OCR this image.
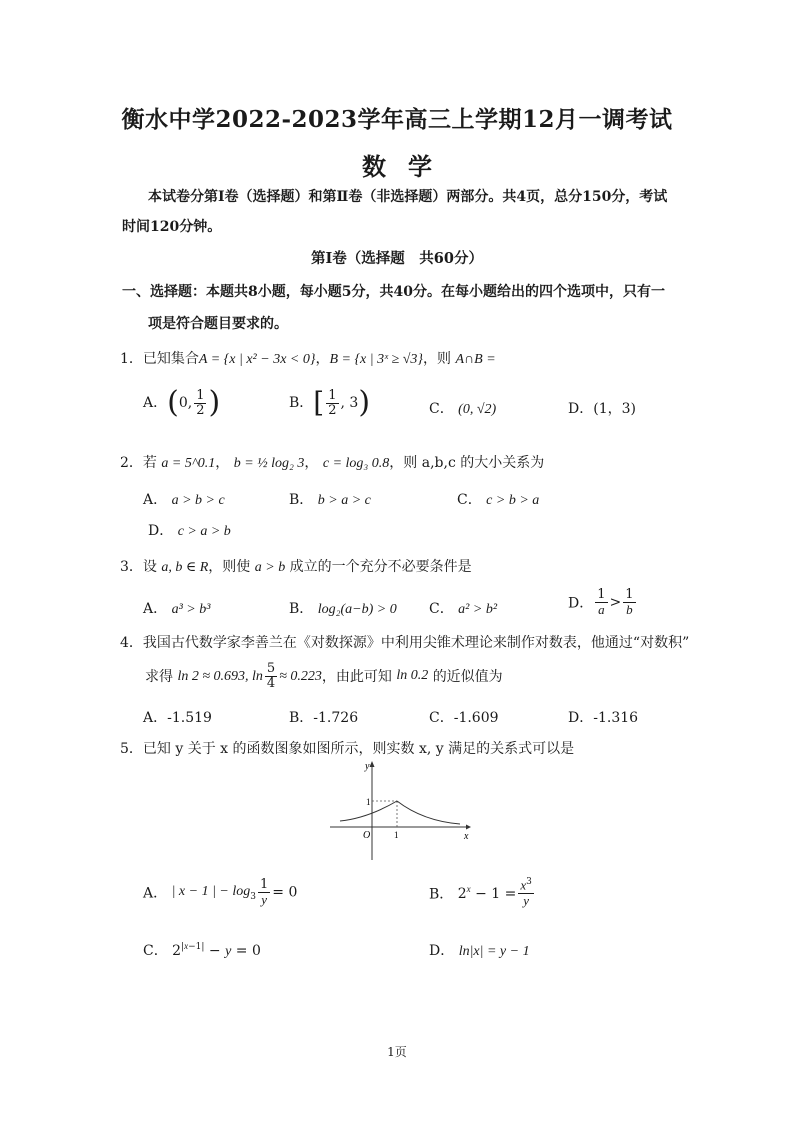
衡水中学2022-2023学年高三上学期12月一调考试
数学
本试卷分第Ⅰ卷（选择题）和第Ⅱ卷（非选择题）两部分。共4页，总分150分，考试
时间120分钟。
第Ⅰ卷（选择题　共60分）
一、选择题：本题共8小题，每小题5分，共40分。在每小题给出的四个选项中，只有一
项是符合题目要求的。
1．已知集合A = {x | x² − 3x < 0}，B = {x | 3ˣ ≥ √3}，则 A∩B =
A．(0, $\frac{1}{2}$ )	B．[ $\frac{1}{2}$ , 3)	C． (0, √2)	D．(1，3)
2．若 a = 5^0.1， b = ½ log₂ 3， c = log₃ 0.8，则 a,b,c 的大小关系为
A． a > b > c	B． b > a > c	C． c > b > a
D． c > a > b
3．设 a, b ∈ R，则使 a > b 成立的一个充分不必要条件是
A． a³ > b³	B． log₂(a−b) > 0 C． a² > b²	D． $\frac{1}{a} > \frac{1}{b}$
4．我国古代数学家李善兰在《对数探源》中利用尖锥术理论来制作对数表，他通过“对数积”
求得 ln 2 ≈ 0.693, $\ln \frac{5}{4} \approx 0.223$，由此可知 ln 0.2 的近似值为
A．-1.519	B．-1.726	C．-1.609	D．-1.316
5．已知 y 关于 x 的函数图象如图所示，则实数 x, y 满足的关系式可以是
y
x
O
1
1
A． | x − 1 | − $\log_3 \frac{1}{y} = 0$	B． $2^x - 1 = \frac{x^3}{y}$
C． $2^{|x-1|} - y = 0$	D． ln|x| = y − 1
1页
